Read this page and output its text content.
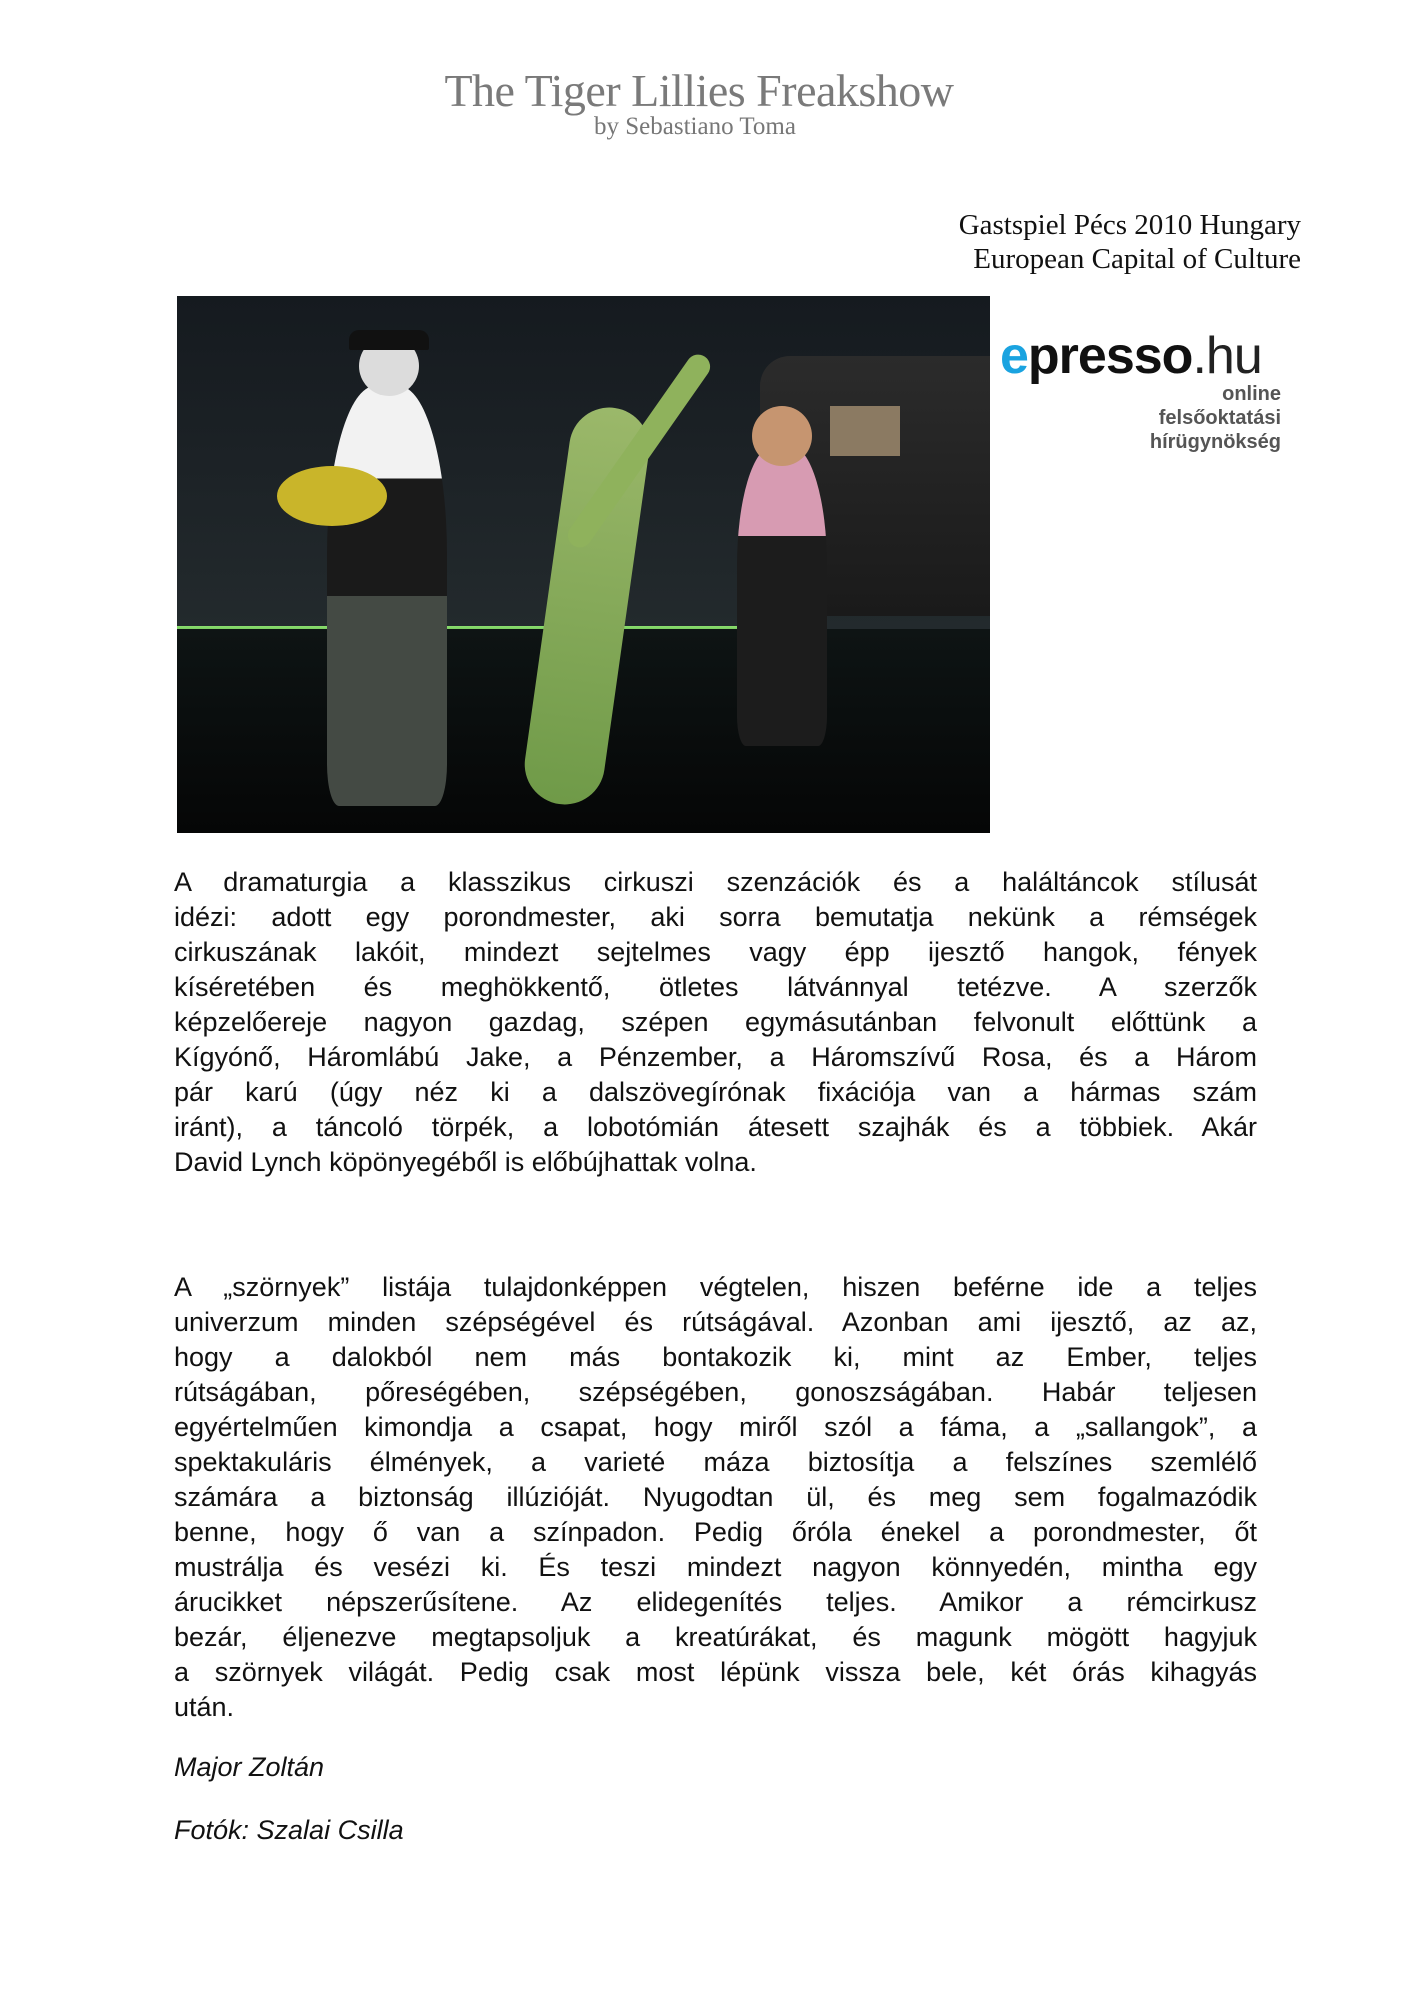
The Tiger Lillies Freakshow
by Sebastiano Toma
Gastspiel Pécs 2010 Hungary
European Capital of Culture
epresso.hu
online
felsőoktatási
hírügynökség
A dramaturgia a klasszikus cirkuszi szenzációk és a haláltáncok stílusát
idézi: adott egy porondmester, aki sorra bemutatja nekünk a rémségek
cirkuszának lakóit, mindezt sejtelmes vagy épp ijesztő hangok, fények
kíséretében és meghökkentő, ötletes látvánnyal tetézve. A szerzők
képzelőereje nagyon gazdag, szépen egymásutánban felvonult előttünk a
Kígyónő, Háromlábú Jake, a Pénzember, a Háromszívű Rosa, és a Három
pár karú (úgy néz ki a dalszövegírónak fixációja van a hármas szám
iránt), a táncoló törpék, a lobotómián átesett szajhák és a többiek. Akár
David Lynch köpönyegéből is előbújhattak volna.
A „szörnyek” listája tulajdonképpen végtelen, hiszen beférne ide a teljes
univerzum minden szépségével és rútságával. Azonban ami ijesztő, az az,
hogy a dalokból nem más bontakozik ki, mint az Ember, teljes
rútságában, pőreségében, szépségében, gonoszságában. Habár teljesen
egyértelműen kimondja a csapat, hogy miről szól a fáma, a „sallangok”, a
spektakuláris élmények, a varieté máza biztosítja a felszínes szemlélő
számára a biztonság illúzióját. Nyugodtan ül, és meg sem fogalmazódik
benne, hogy ő van a színpadon. Pedig őróla énekel a porondmester, őt
mustrálja és vesézi ki. És teszi mindezt nagyon könnyedén, mintha egy
árucikket népszerűsítene. Az elidegenítés teljes. Amikor a rémcirkusz
bezár, éljenezve megtapsoljuk a kreatúrákat, és magunk mögött hagyjuk
a szörnyek világát. Pedig csak most lépünk vissza bele, két órás kihagyás
után.
Major Zoltán
Fotók: Szalai Csilla
